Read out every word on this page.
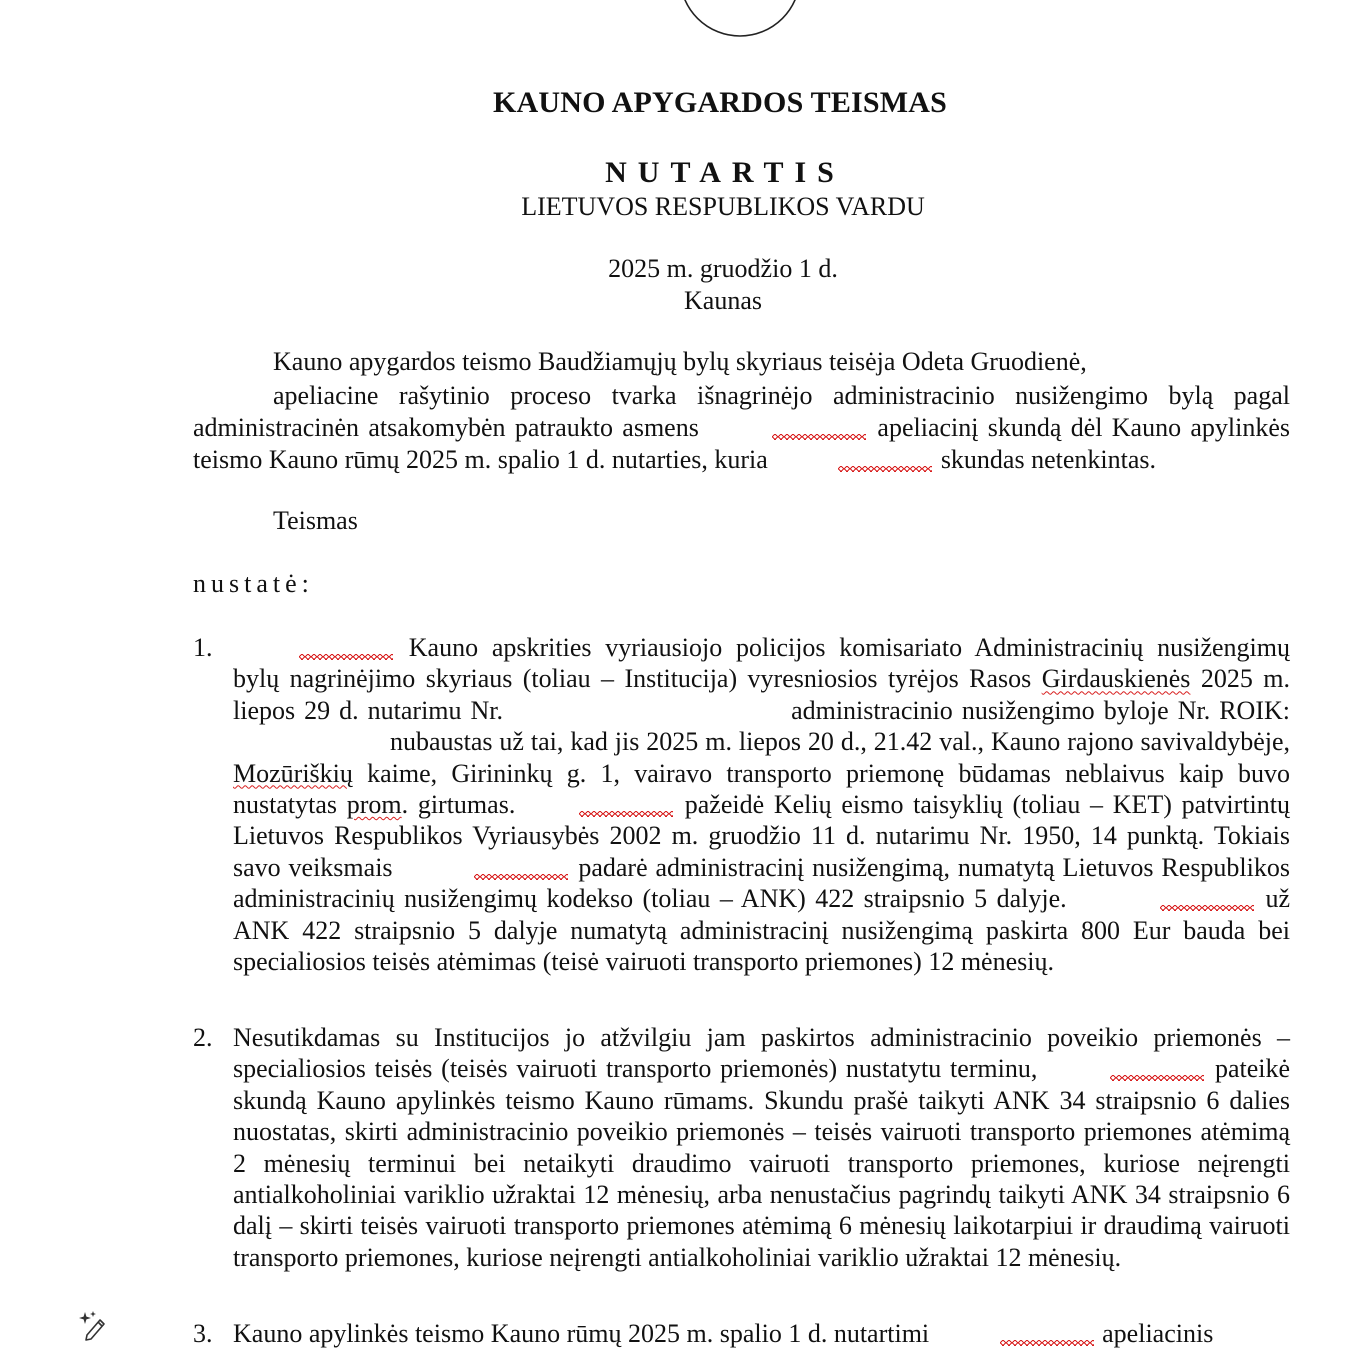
KAUNO APYGARDOS TEISMAS
NUTARTIS
LIETUVOS RESPUBLIKOS VARDU
2025 m. gruodžio 1 d.
Kaunas
Kauno apygardos teismo Baudžiamųjų bylų skyriaus teisėja Odeta Gruodienė,
apeliacine rašytinio proceso tvarka išnagrinėjo administracinio nusižengimo bylą pagal administracinėn atsakomybėn patraukto asmens	apeliacinį skundą dėl Kauno apylinkės teismo Kauno rūmų 2025 m. spalio 1 d. nutarties, kuria	skundas netenkintas.
Teismas
nustatė:
1.	Kauno apskrities vyriausiojo policijos komisariato Administracinių nusižengimų bylų nagrinėjimo skyriaus (toliau – Institucija) vyresniosios tyrėjos Rasos Girdauskienės 2025 m. liepos 29 d. nutarimu Nr.	administracinio nusižengimo byloje Nr. ROIK:  nubaustas už tai, kad jis 2025 m. liepos 20 d., 21.42 val., Kauno rajono savivaldybėje, Mozūriškių kaime, Girininkų g. 1, vairavo transporto priemonę būdamas neblaivus kaip buvo nustatytas prom. girtumas.	pažeidė Kelių eismo taisyklių (toliau – KET) patvirtintų Lietuvos Respublikos Vyriausybės 2002 m. gruodžio 11 d. nutarimu Nr. 1950, 14 punktą. Tokiais savo veiksmais	padarė administracinį nusižengimą, numatytą Lietuvos Respublikos administracinių nusižengimų kodekso (toliau – ANK) 422 straipsnio 5 dalyje.	už ANK 422 straipsnio 5 dalyje numatytą administracinį nusižengimą paskirta 800 Eur bauda bei specialiosios teisės atėmimas (teisė vairuoti transporto priemones) 12 mėnesių.
2. Nesutikdamas su Institucijos jo atžvilgiu jam paskirtos administracinio poveikio priemonės – specialiosios teisės (teisės vairuoti transporto priemonės) nustatytu terminu,	pateikė skundą Kauno apylinkės teismo Kauno rūmams. Skundu prašė taikyti ANK 34 straipsnio 6 dalies nuostatas, skirti administracinio poveikio priemonės – teisės vairuoti transporto priemones atėmimą 2 mėnesių terminui bei netaikyti draudimo vairuoti transporto priemones, kuriose neįrengti antialkoholiniai variklio užraktai 12 mėnesių, arba nenustačius pagrindų taikyti ANK 34 straipsnio 6 dalį – skirti teisės vairuoti transporto priemones atėmimą 6 mėnesių laikotarpiui ir draudimą vairuoti transporto priemones, kuriose neįrengti antialkoholiniai variklio užraktai 12 mėnesių.
3. Kauno apylinkės teismo Kauno rūmų 2025 m. spalio 1 d. nutartimi	apeliacinis
